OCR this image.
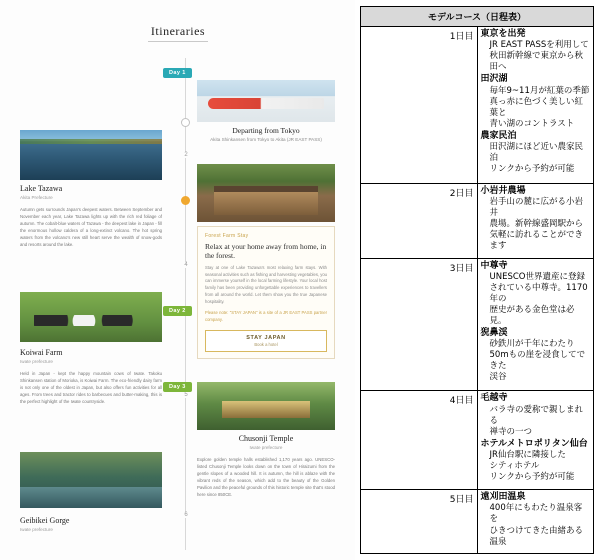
Itineraries
2
4
5
6
Day 1
Day 2
Day 3
Departing from Tokyo
Akita Shinkansen from Tokyo to Akita (JR EAST PASS)
Lake Tazawa
Akita Prefecture

Autumn gets surrounds Japan's deepest waters. Between September and November each year, Lake Tazawa lights up with the rich red foliage of autumn. The cobalt-blue waters of Tazawa - the deepest lake in Japan - fill the enormous hollow caldera of a long-extinct volcano. The hot spring waters from the volcano's new still heart serve the wealth of snow-gods and resorts around the lake.

Forest Farm Stay
Relax at your home away from home, in the forest.

Stay at one of Lake Tazawa's most relaxing farm stays. With seasonal activities such as fishing and harvesting vegetables, you can immerse yourself in the local farming lifestyle. Your local host family has been providing unforgettable experiences to travellers from all around the world. Let them show you the true Japanese hospitality.

Please note: "STAY JAPAN" is a site of a JR EAST PASS partner company.

STAY JAPAN
Book a hotel
Koiwai Farm
Iwate prefecture

Held in Japan - kept the happy mountain cows of Iwate. Takoku Shinkansen station of Morioka, is Koiwai Farm. The eco-friendly dairy farm is not only one of the oldest in Japan, but also offers fun activities for all ages. From trees and tractor rides to barbecues and butter-making, this is the perfect highlight of the Iwate countryside.

Chusonji Temple
Iwate prefecture

Explore golden temple halls established 1,170 years ago. UNESCO-listed Chusonji Temple looks down on the town of Hiraizumi from the gentle slopes of a wooded hill. It is autumn, the hill is ablaze with the vibrant reds of the season, which add to the beauty of the Golden Pavilion and the peaceful grounds of this historic temple site that's stood here since 850CE.

Geibikei Gorge
Iwate prefecture
モデルコース（日程表）	
1日目	東京を出発
JR EAST PASSを利用して
秋田新幹線で東京から秋田へ
田沢湖
毎年9~11月が紅葉の季節
真っ赤に色づく美しい紅葉と
青い湖のコントラスト
農家民泊
田沢湖にほど近い農家民泊
リンクから予約が可能

2日目	小岩井農場
岩手山の麓に広がる小岩井
農場。新幹線盛岡駅から
気軽に訪れることができます

3日目	中尊寺
UNESCO世界遺産に登録
されている中尊寺。1170年の
歴史がある金色堂は必見。
猊鼻渓
砂鉄川が千年にわたり
50mもの崖を浸食してできた
渓谷

4日目	毛越寺
バラ寺の愛称で親しまれる
禅寺の一つ
ホテルメトロポリタン仙台
JR仙台駅に隣接した
シティホテル
リンクから予約が可能

5日目	遠刈田温泉
400年にもわたり温泉客を
ひきつけてきた由緒ある温泉
